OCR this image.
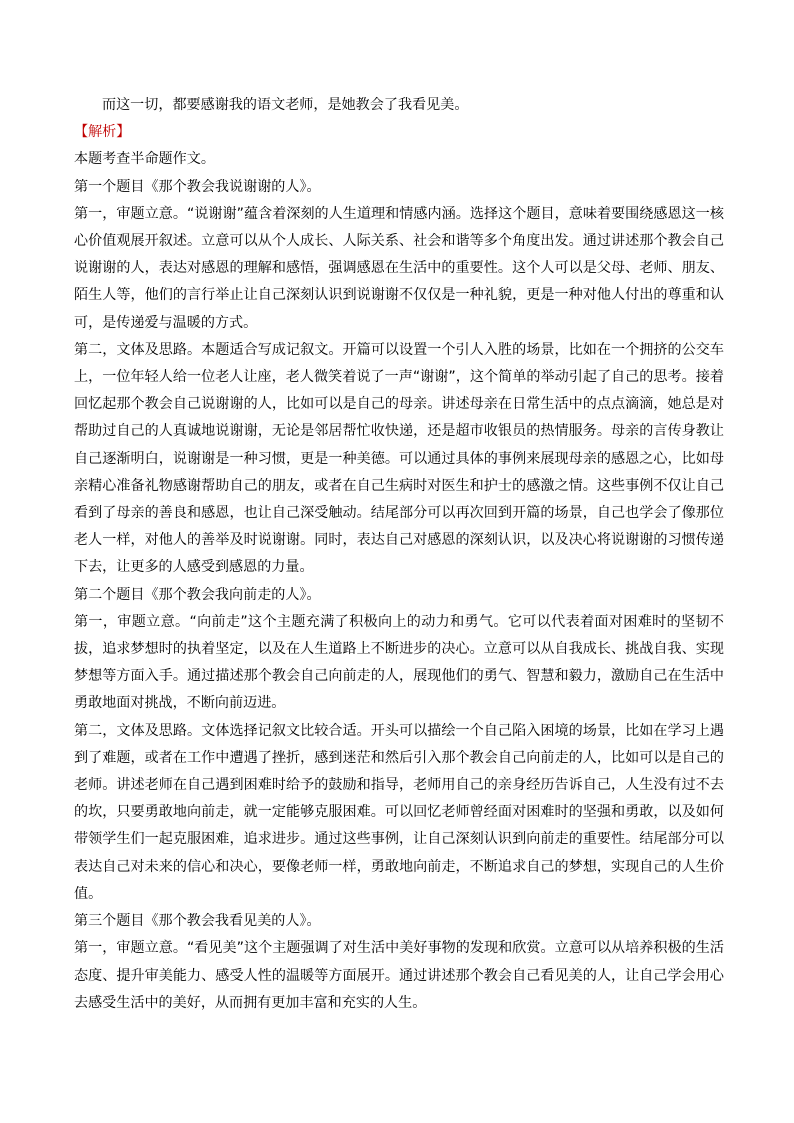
而这一切，都要感谢我的语文老师，是她教会了我看见美。

【解析】

本题考查半命题作文。

第一个题目《那个教会我说谢谢的人》。

第一，审题立意。“说谢谢”蕴含着深刻的人生道理和情感内涵。选择这个题目，意味着要围绕感恩这一核心价值观展开叙述。立意可以从个人成长、人际关系、社会和谐等多个角度出发。通过讲述那个教会自己说谢谢的人，表达对感恩的理解和感悟，强调感恩在生活中的重要性。这个人可以是父母、老师、朋友、陌生人等，他们的言行举止让自己深刻认识到说谢谢不仅仅是一种礼貌，更是一种对他人付出的尊重和认可，是传递爱与温暖的方式。

第二，文体及思路。本题适合写成记叙文。开篇可以设置一个引人入胜的场景，比如在一个拥挤的公交车上，一位年轻人给一位老人让座，老人微笑着说了一声“谢谢”，这个简单的举动引起了自己的思考。接着回忆起那个教会自己说谢谢的人，比如可以是自己的母亲。讲述母亲在日常生活中的点点滴滴，她总是对帮助过自己的人真诚地说谢谢，无论是邻居帮忙收快递，还是超市收银员的热情服务。母亲的言传身教让自己逐渐明白，说谢谢是一种习惯，更是一种美德。可以通过具体的事例来展现母亲的感恩之心，比如母亲精心准备礼物感谢帮助自己的朋友，或者在自己生病时对医生和护士的感激之情。这些事例不仅让自己看到了母亲的善良和感恩，也让自己深受触动。结尾部分可以再次回到开篇的场景，自己也学会了像那位老人一样，对他人的善举及时说谢谢。同时，表达自己对感恩的深刻认识，以及决心将说谢谢的习惯传递下去，让更多的人感受到感恩的力量。

第二个题目《那个教会我向前走的人》。

第一，审题立意。“向前走”这个主题充满了积极向上的动力和勇气。它可以代表着面对困难时的坚韧不拔，追求梦想时的执着坚定，以及在人生道路上不断进步的决心。立意可以从自我成长、挑战自我、实现梦想等方面入手。通过描述那个教会自己向前走的人，展现他们的勇气、智慧和毅力，激励自己在生活中勇敢地面对挑战，不断向前迈进。

第二，文体及思路。文体选择记叙文比较合适。开头可以描绘一个自己陷入困境的场景，比如在学习上遇到了难题，或者在工作中遭遇了挫折，感到迷茫和然后引入那个教会自己向前走的人，比如可以是自己的老师。讲述老师在自己遇到困难时给予的鼓励和指导，老师用自己的亲身经历告诉自己，人生没有过不去的坎，只要勇敢地向前走，就一定能够克服困难。可以回忆老师曾经面对困难时的坚强和勇敢，以及如何带领学生们一起克服困难，追求进步。通过这些事例，让自己深刻认识到向前走的重要性。结尾部分可以表达自己对未来的信心和决心，要像老师一样，勇敢地向前走，不断追求自己的梦想，实现自己的人生价值。

第三个题目《那个教会我看见美的人》。

第一，审题立意。“看见美”这个主题强调了对生活中美好事物的发现和欣赏。立意可以从培养积极的生活态度、提升审美能力、感受人性的温暖等方面展开。通过讲述那个教会自己看见美的人，让自己学会用心去感受生活中的美好，从而拥有更加丰富和充实的人生。
